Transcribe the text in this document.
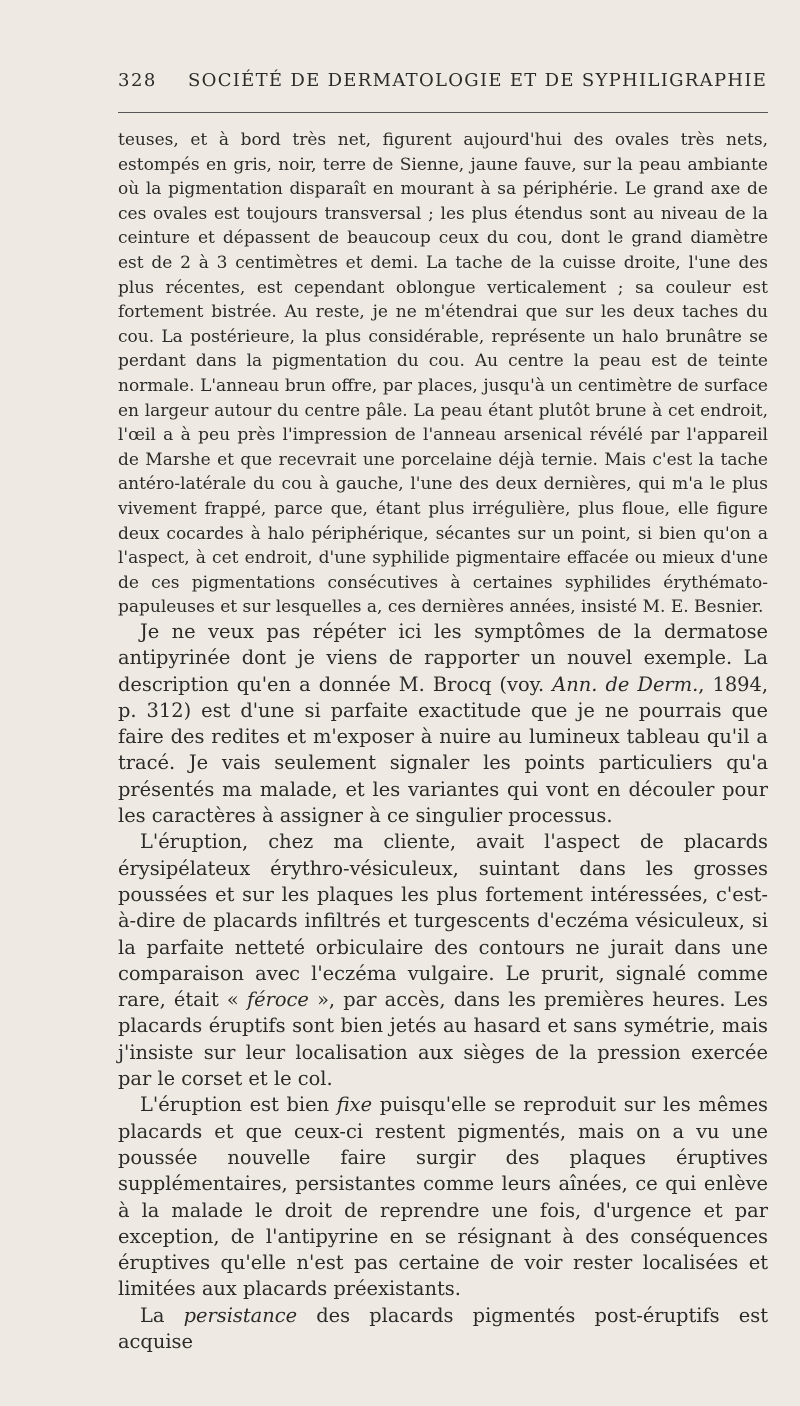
328	SOCIÉTÉ DE DERMATOLOGIE ET DE SYPHILIGRAPHIE

teuses, et à bord très net, figurent aujourd'hui des ovales très nets, estompés en gris, noir, terre de Sienne, jaune fauve, sur la peau ambiante où la pigmentation disparaît en mourant à sa périphérie. Le grand axe de ces ovales est toujours transversal ; les plus étendus sont au niveau de la ceinture et dépassent de beaucoup ceux du cou, dont le grand diamètre est de 2 à 3 centimètres et demi. La tache de la cuisse droite, l'une des plus récentes, est cependant oblongue verticalement ; sa couleur est fortement bistrée. Au reste, je ne m'étendrai que sur les deux taches du cou. La postérieure, la plus considérable, représente un halo brunâtre se perdant dans la pigmentation du cou. Au centre la peau est de teinte normale. L'anneau brun offre, par places, jusqu'à un centimètre de surface en largeur autour du centre pâle. La peau étant plutôt brune à cet endroit, l'œil a à peu près l'impression de l'anneau arsenical révélé par l'appareil de Marshe et que recevrait une porcelaine déjà ternie. Mais c'est la tache antéro-latérale du cou à gauche, l'une des deux dernières, qui m'a le plus vivement frappé, parce que, étant plus irrégulière, plus floue, elle figure deux cocardes à halo périphérique, sécantes sur un point, si bien qu'on a l'aspect, à cet endroit, d'une syphilide pigmentaire effacée ou mieux d'une de ces pigmentations consécutives à certaines syphilides érythémato-papuleuses et sur lesquelles a, ces dernières années, insisté M. E. Besnier.

Je ne veux pas répéter ici les symptômes de la dermatose antipyrinée dont je viens de rapporter un nouvel exemple. La description qu'en a donnée M. Brocq (voy. Ann. de Derm., 1894, p. 312) est d'une si parfaite exactitude que je ne pourrais que faire des redites et m'exposer à nuire au lumineux tableau qu'il a tracé. Je vais seulement signaler les points particuliers qu'a présentés ma malade, et les variantes qui vont en découler pour les caractères à assigner à ce singulier processus.

L'éruption, chez ma cliente, avait l'aspect de placards érysipélateux érythro-vésiculeux, suintant dans les grosses poussées et sur les plaques les plus fortement intéressées, c'est-à-dire de placards infiltrés et turgescents d'eczéma vésiculeux, si la parfaite netteté orbiculaire des contours ne jurait dans une comparaison avec l'eczéma vulgaire. Le prurit, signalé comme rare, était « féroce », par accès, dans les premières heures. Les placards éruptifs sont bien jetés au hasard et sans symétrie, mais j'insiste sur leur localisation aux sièges de la pression exercée par le corset et le col.

L'éruption est bien fixe puisqu'elle se reproduit sur les mêmes placards et que ceux-ci restent pigmentés, mais on a vu une poussée nouvelle faire surgir des plaques éruptives supplémentaires, persistantes comme leurs aînées, ce qui enlève à la malade le droit de reprendre une fois, d'urgence et par exception, de l'antipyrine en se résignant à des conséquences éruptives qu'elle n'est pas certaine de voir rester localisées et limitées aux placards préexistants.

La persistance des placards pigmentés post-éruptifs est acquise
